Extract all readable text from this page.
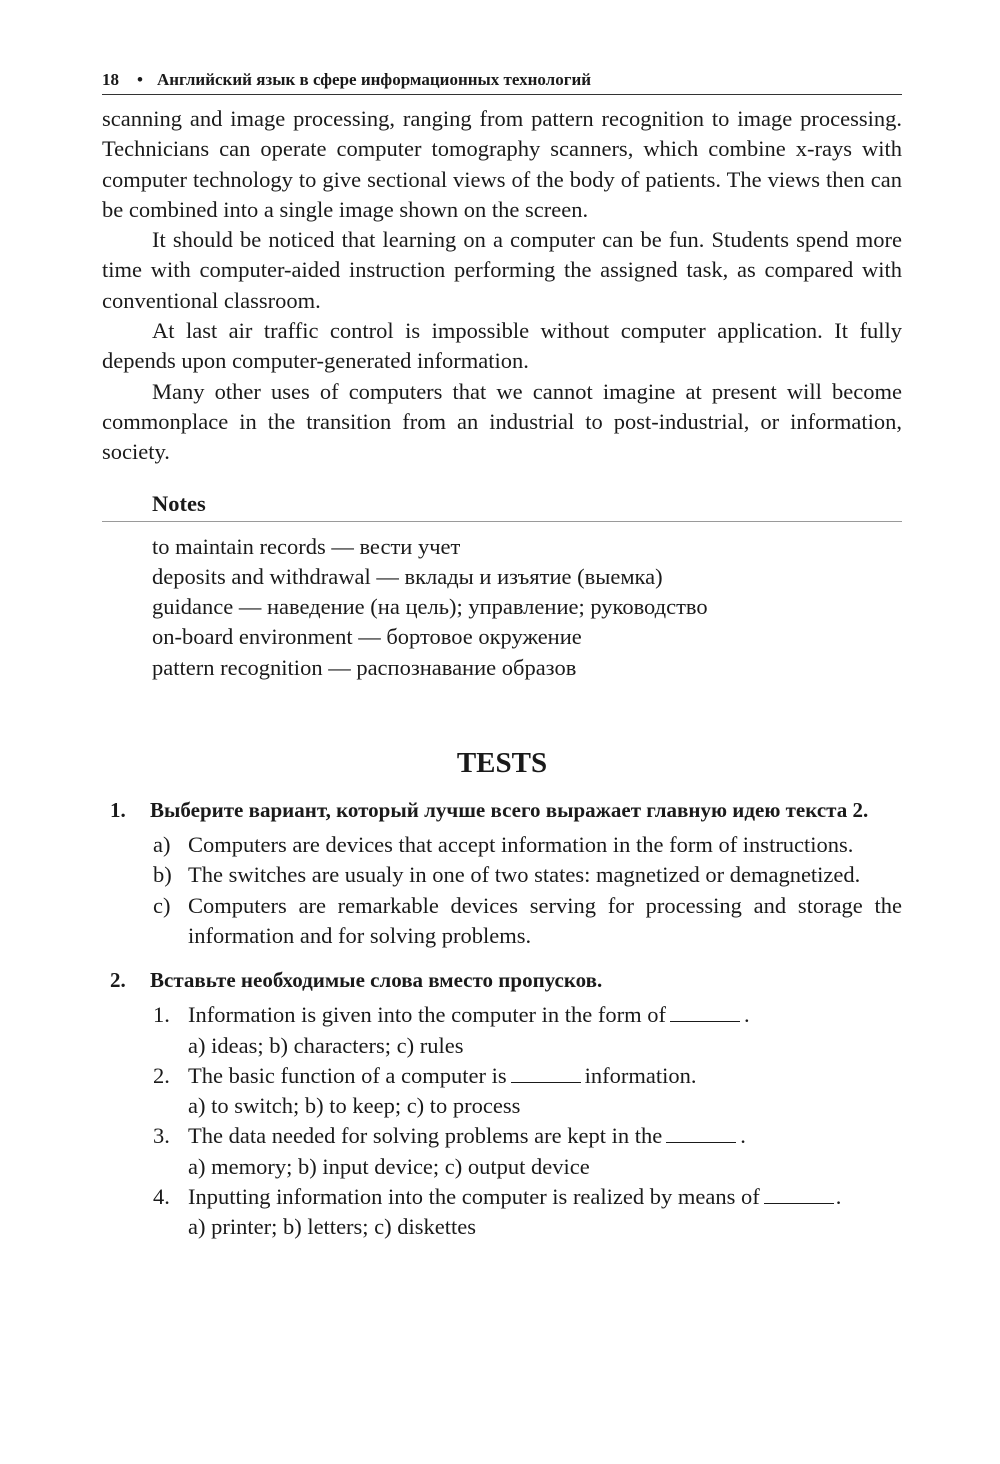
18 • Английский язык в сфере информационных технологий

scanning and image processing, ranging from pattern recognition to image processing. Technicians can operate computer tomography scanners, which combine x-rays with computer technology to give sectional views of the body of patients. The views then can be combined into a single image shown on the screen.

It should be noticed that learning on a computer can be fun. Students spend more time with computer-aided instruction performing the assigned task, as compared with conventional classroom.

At last air traffic control is impossible without computer application. It fully depends upon computer-generated information.

Many other uses of computers that we cannot imagine at present will become commonplace in the transition from an industrial to post-industrial, or information, society.

Notes
to maintain records — вести учет
deposits and withdrawal — вклады и изъятие (выемка)
guidance — наведение (на цель); управление; руководство
on-board environment — бортовое окружение
pattern recognition — распознавание образов
TESTS
1. Выберите вариант, который лучше всего выражает главную идею текста 2.
a) Computers are devices that accept information in the form of instructions.
b) The switches are usualy in one of two states: magnetized or demagnetized.
c) Computers are remarkable devices serving for processing and storage the information and for solving problems.
2. Вставьте необходимые слова вместо пропусков.
1. Information is given into the computer in the form of	.
a) ideas; b) characters; c) rules
2. The basic function of a computer is	information.
a) to switch; b) to keep; c) to process
3. The data needed for solving problems are kept in the	.
a) memory; b) input device; c) output device
4. Inputting information into the computer is realized by means of	.
a) printer; b) letters; c) diskettes
